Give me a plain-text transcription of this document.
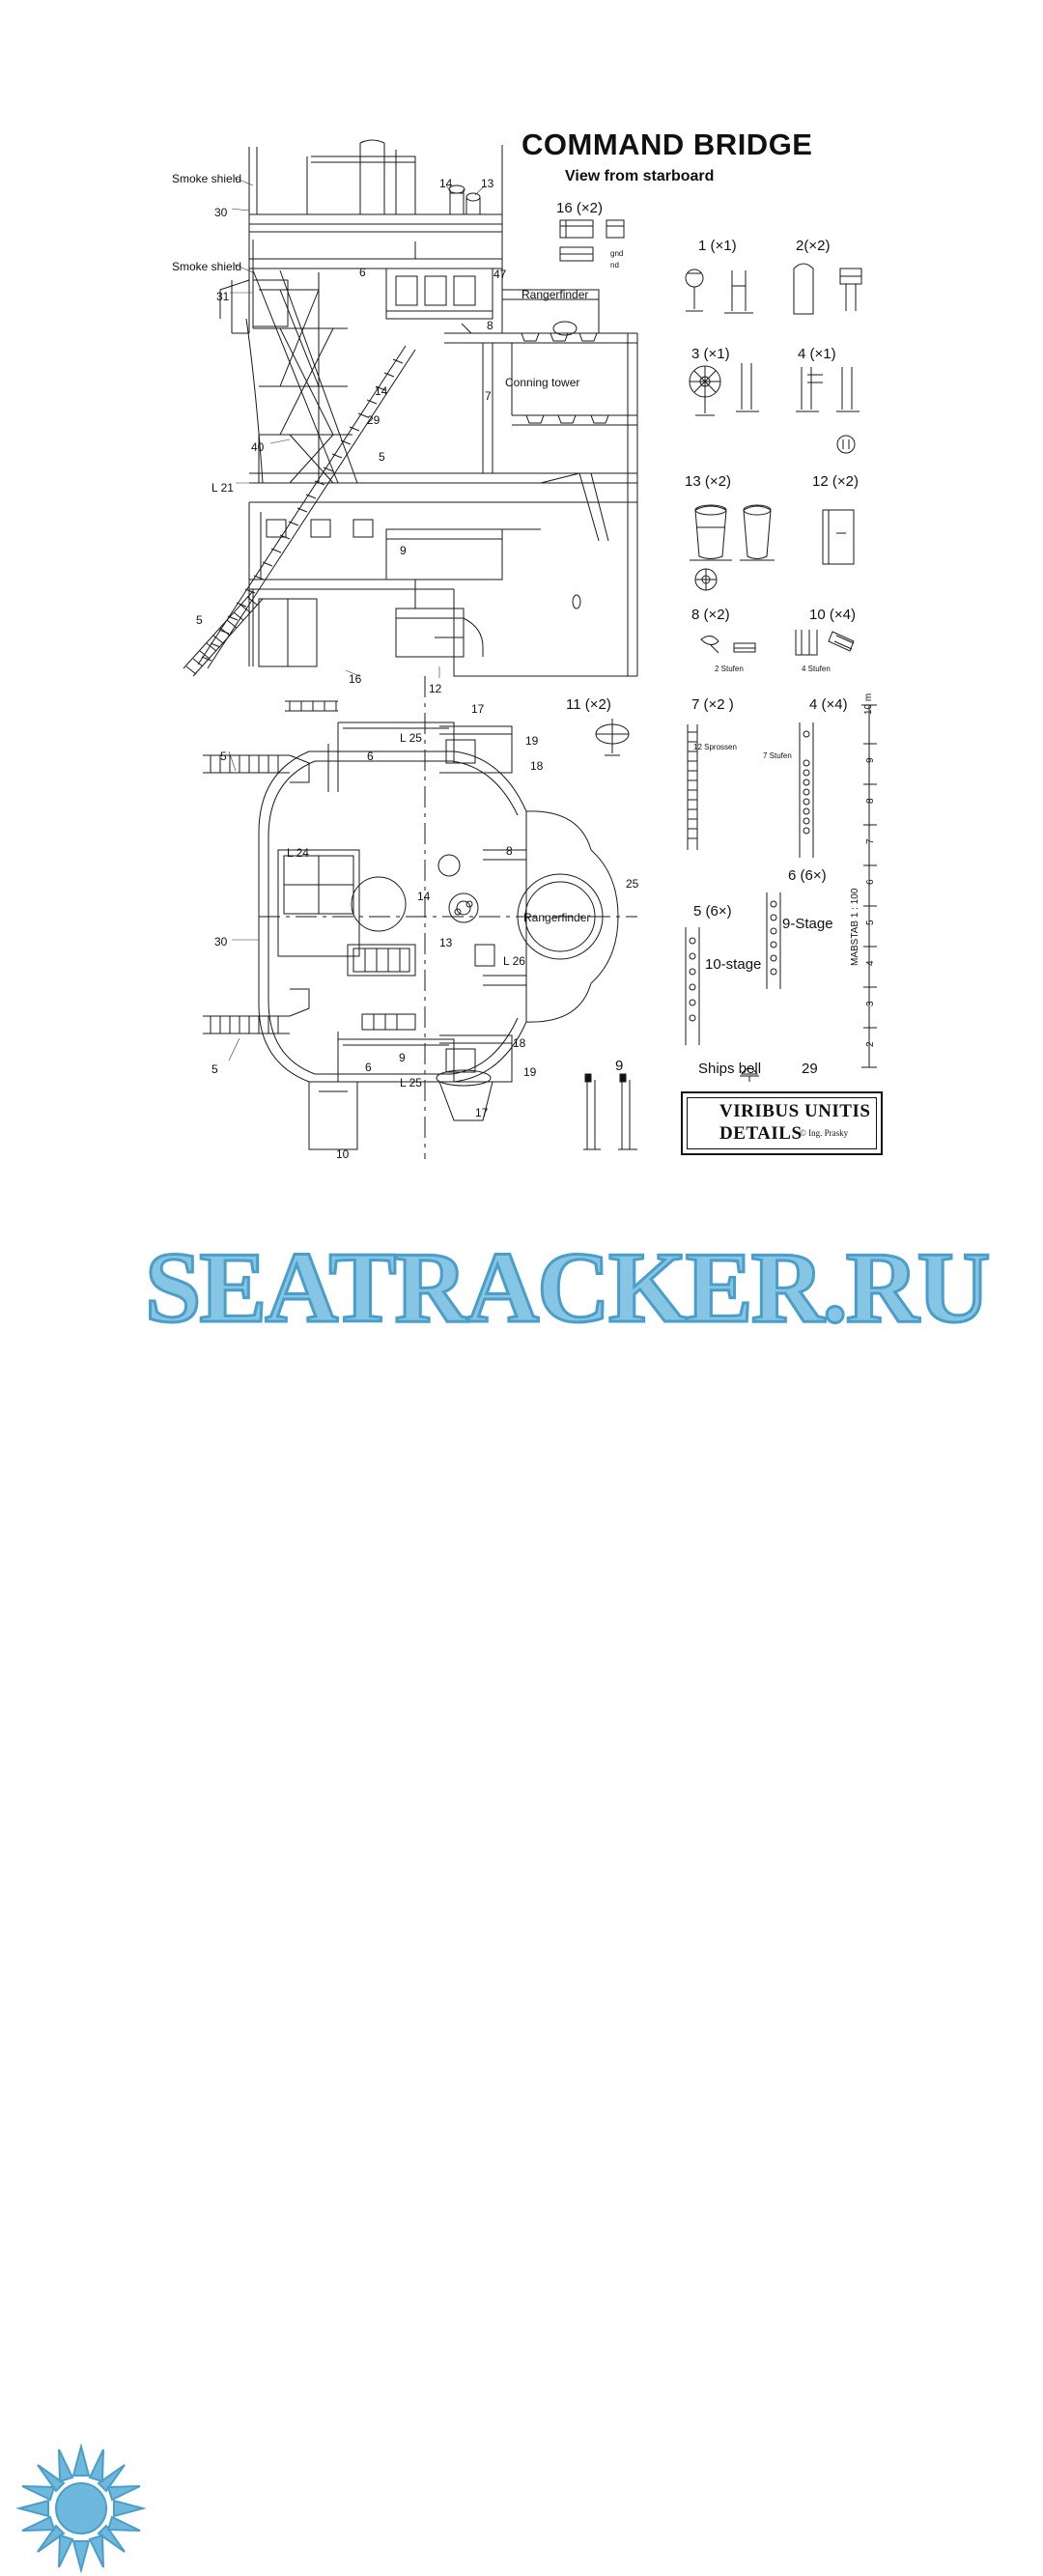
COMMAND BRIDGE
View from starboard
Smoke shield
30
14 13
Smoke shield
31
6	47
Rangerfinder
8
Conning tower
7
14
29
40
5
L 21
9
5
16
12
17
19
18
L 25
5	6
L 24	8
25
14
Rangerfinder
13
L 26
30
18
9
19
5	6
L 25
17
10
16 (×2)
1 (×1)	2(×2)
3 (×1)	4 (×1)
13 (×2)	12 (×2)
8 (×2)	10 (×4)
11 (×2)	7 (×2 )	4 (×4)
6 (6×)
5 (6×)
9
gnd
nd
2 Stufen	4 Stufen
12 Sprossen
7 Stufen
9-Stage
10-stage
Ships bell	29
10 m
9
8
7
6
5
4
3
2
MABSTAB 1 : 100
VIRIBUS UNITIS
DETAILS
© Ing. Prasky
SEATRACKER.RU
